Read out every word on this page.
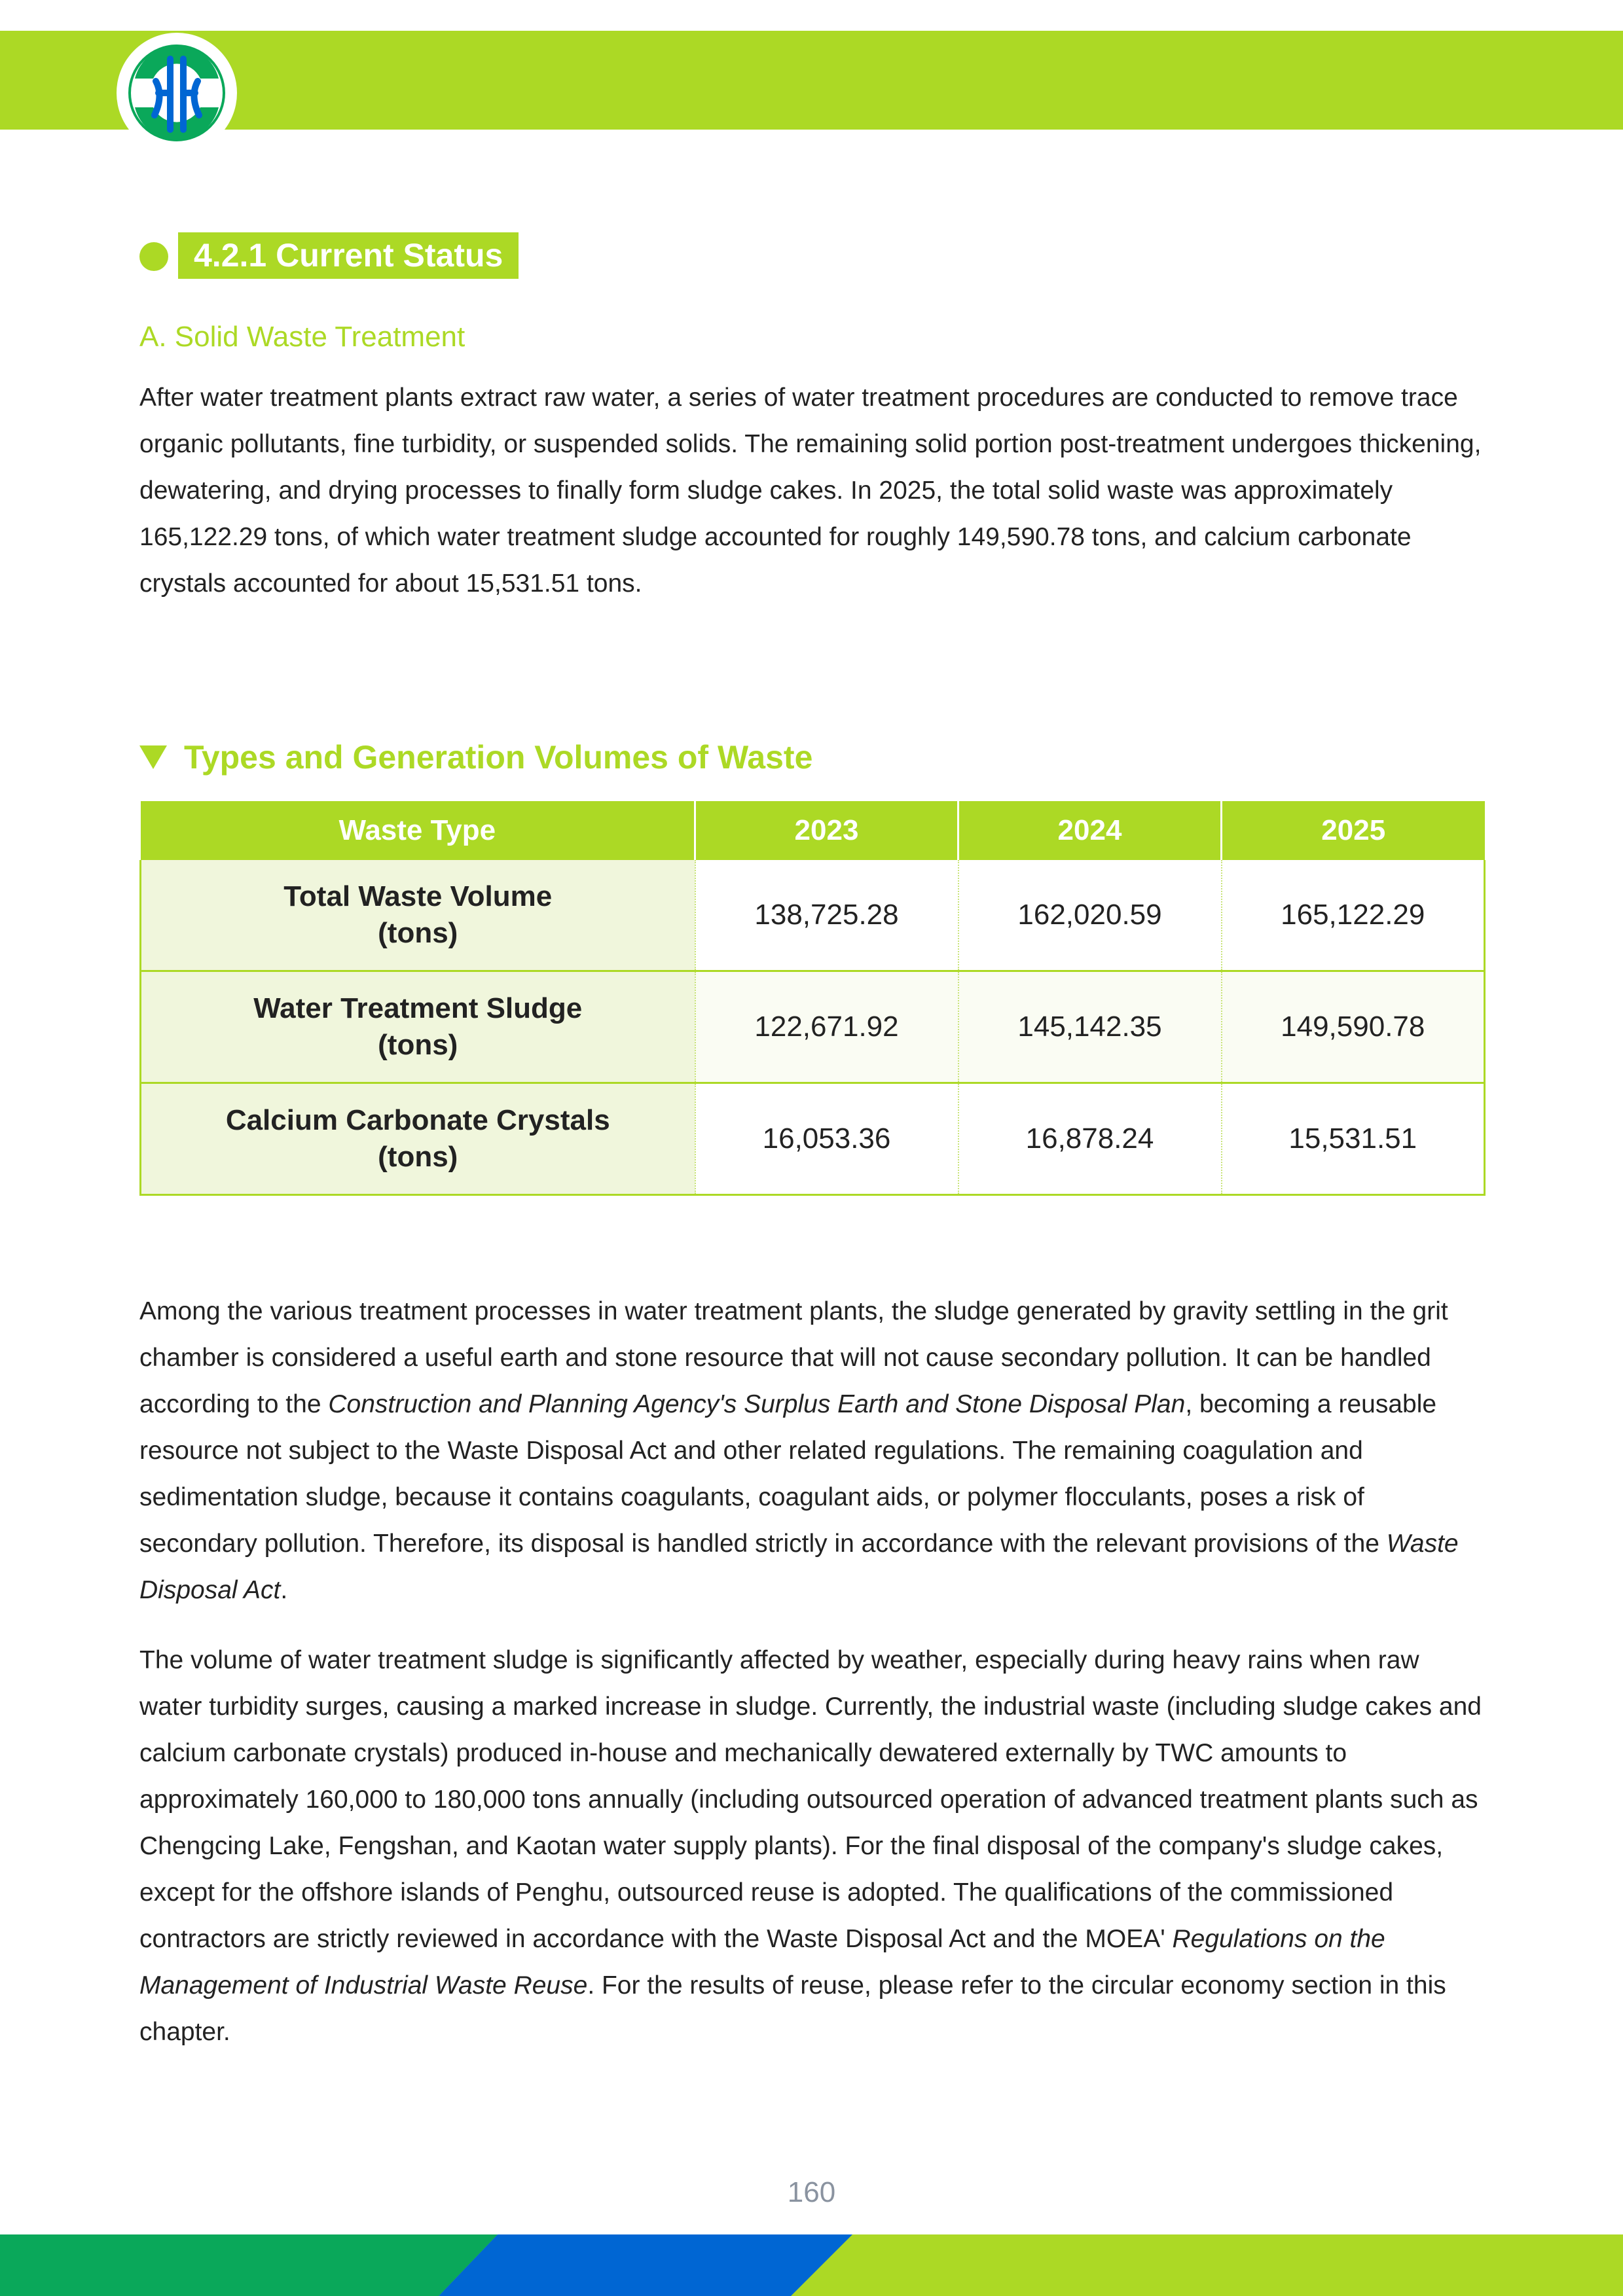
4.2.1 Current Status
A. Solid Waste Treatment

After water treatment plants extract raw water, a series of water treatment procedures are conducted to remove trace organic pollutants, fine turbidity, or suspended solids. The remaining solid portion post-treatment undergoes thickening, dewatering, and drying processes to finally form sludge cakes. In 2025, the total solid waste was approximately 165,122.29 tons, of which water treatment sludge accounted for roughly 149,590.78 tons, and calcium carbonate crystals accounted for about 15,531.51 tons.

Types and Generation Volumes of Waste
Waste Type	2023	2024	2025
Total Waste Volume
(tons)	138,725.28	162,020.59	165,122.29
Water Treatment Sludge
(tons)	122,671.92	145,142.35	149,590.78
Calcium Carbonate Crystals
(tons)	16,053.36	16,878.24	15,531.51

Among the various treatment processes in water treatment plants, the sludge generated by gravity settling in the grit chamber is considered a useful earth and stone resource that will not cause secondary pollution. It can be handled according to the Construction and Planning Agency's Surplus Earth and Stone Disposal Plan, becoming a reusable resource not subject to the Waste Disposal Act and other related regulations. The remaining coagulation and sedimentation sludge, because it contains coagulants, coagulant aids, or polymer flocculants, poses a risk of secondary pollution. Therefore, its disposal is handled strictly in accordance with the relevant provisions of the Waste Disposal Act.

The volume of water treatment sludge is significantly affected by weather, especially during heavy rains when raw water turbidity surges, causing a marked increase in sludge. Currently, the industrial waste (including sludge cakes and calcium carbonate crystals) produced in-house and mechanically dewatered externally by TWC amounts to approximately 160,000 to 180,000 tons annually (including outsourced operation of advanced treatment plants such as Chengcing Lake, Fengshan, and Kaotan water supply plants). For the final disposal of the company's sludge cakes, except for the offshore islands of Penghu, outsourced reuse is adopted. The qualifications of the commissioned contractors are strictly reviewed in accordance with the Waste Disposal Act and the MOEA' Regulations on the Management of Industrial Waste Reuse. For the results of reuse, please refer to the circular economy section in this chapter.

160
